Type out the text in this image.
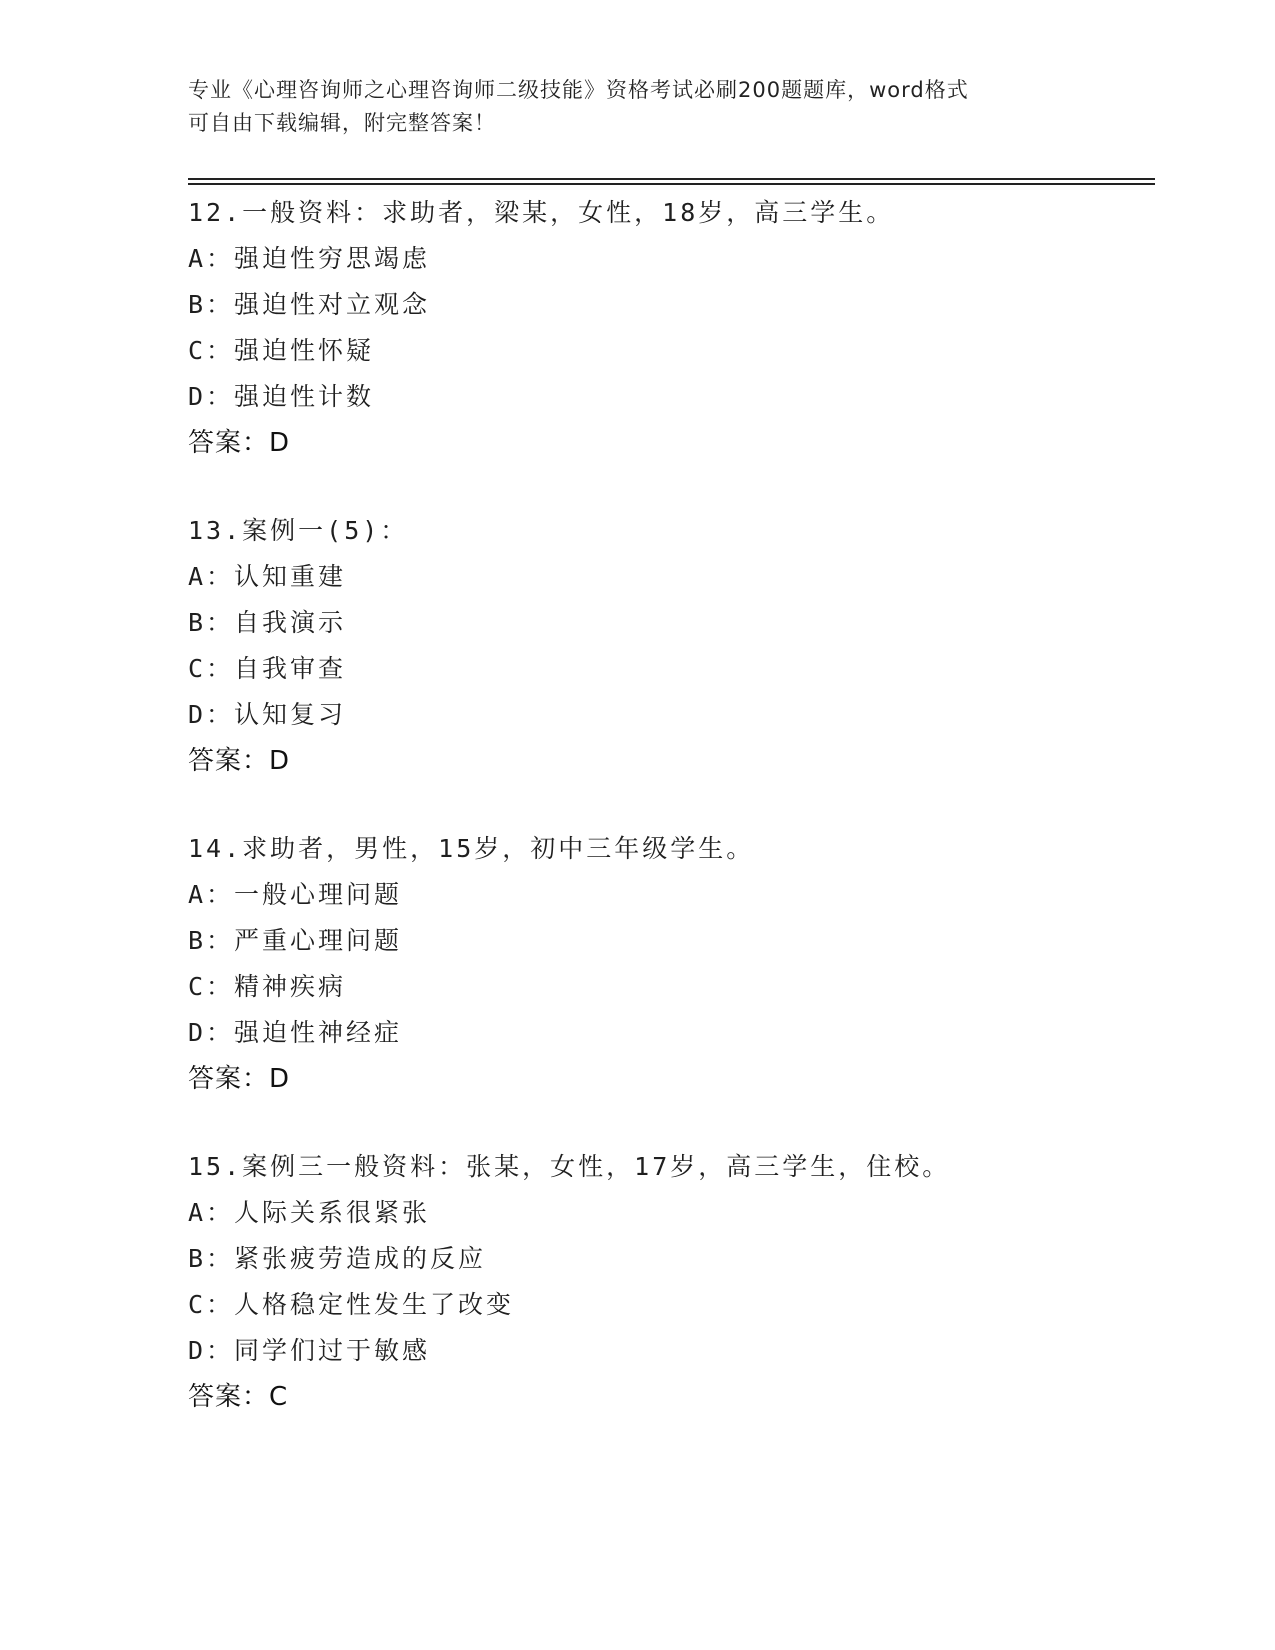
专业《心理咨询师之心理咨询师二级技能》资格考试必刷200题题库，word格式
可自由下载编辑，附完整答案！
12.一般资料：求助者，梁某，女性，18岁，高三学生。
A：强迫性穷思竭虑
B：强迫性对立观念
C：强迫性怀疑
D：强迫性计数
答案：D
13.案例一(5)：
A：认知重建
B：自我演示
C：自我审查
D：认知复习
答案：D
14.求助者，男性，15岁，初中三年级学生。
A：一般心理问题
B：严重心理问题
C：精神疾病
D：强迫性神经症
答案：D
15.案例三一般资料：张某，女性，17岁，高三学生，住校。
A：人际关系很紧张
B：紧张疲劳造成的反应
C：人格稳定性发生了改变
D：同学们过于敏感
答案：C
